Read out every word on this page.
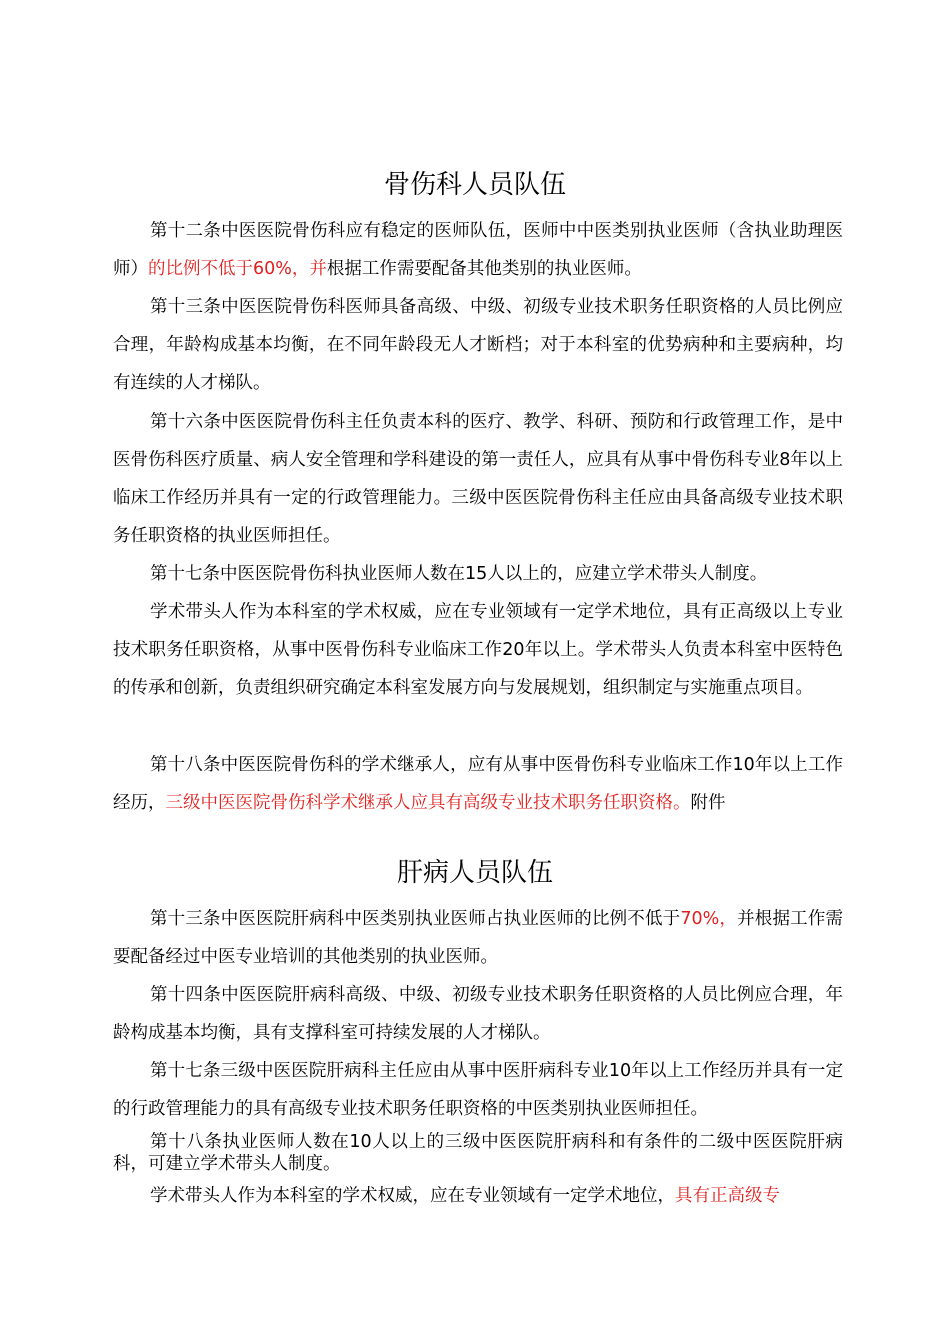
骨伤科人员队伍

第十二条中医医院骨伤科应有稳定的医师队伍，医师中中医类别执业医师（含执业助理医师）的比例不低于60%，并根据工作需要配备其他类别的执业医师。

第十三条中医医院骨伤科医师具备高级、中级、初级专业技术职务任职资格的人员比例应合理，年龄构成基本均衡，在不同年龄段无人才断档；对于本科室的优势病种和主要病种，均有连续的人才梯队。

第十六条中医医院骨伤科主任负责本科的医疗、教学、科研、预防和行政管理工作，是中医骨伤科医疗质量、病人安全管理和学科建设的第一责任人，应具有从事中骨伤科专业8年以上临床工作经历并具有一定的行政管理能力。三级中医医院骨伤科主任应由具备高级专业技术职务任职资格的执业医师担任。

第十七条中医医院骨伤科执业医师人数在15人以上的，应建立学术带头人制度。

学术带头人作为本科室的学术权威，应在专业领域有一定学术地位，具有正高级以上专业技术职务任职资格，从事中医骨伤科专业临床工作20年以上。学术带头人负责本科室中医特色的传承和创新，负责组织研究确定本科室发展方向与发展规划，组织制定与实施重点项目。

第十八条中医医院骨伤科的学术继承人，应有从事中医骨伤科专业临床工作10年以上工作经历，三级中医医院骨伤科学术继承人应具有高级专业技术职务任职资格。附件

肝病人员队伍

第十三条中医医院肝病科中医类别执业医师占执业医师的比例不低于70%，并根据工作需要配备经过中医专业培训的其他类别的执业医师。

第十四条中医医院肝病科高级、中级、初级专业技术职务任职资格的人员比例应合理，年龄构成基本均衡，具有支撑科室可持续发展的人才梯队。

第十七条三级中医医院肝病科主任应由从事中医肝病科专业10年以上工作经历并具有一定的行政管理能力的具有高级专业技术职务任职资格的中医类别执业医师担任。

第十八条执业医师人数在10人以上的三级中医医院肝病科和有条件的二级中医医院肝病科，可建立学术带头人制度。

学术带头人作为本科室的学术权威，应在专业领域有一定学术地位，具有正高级专
